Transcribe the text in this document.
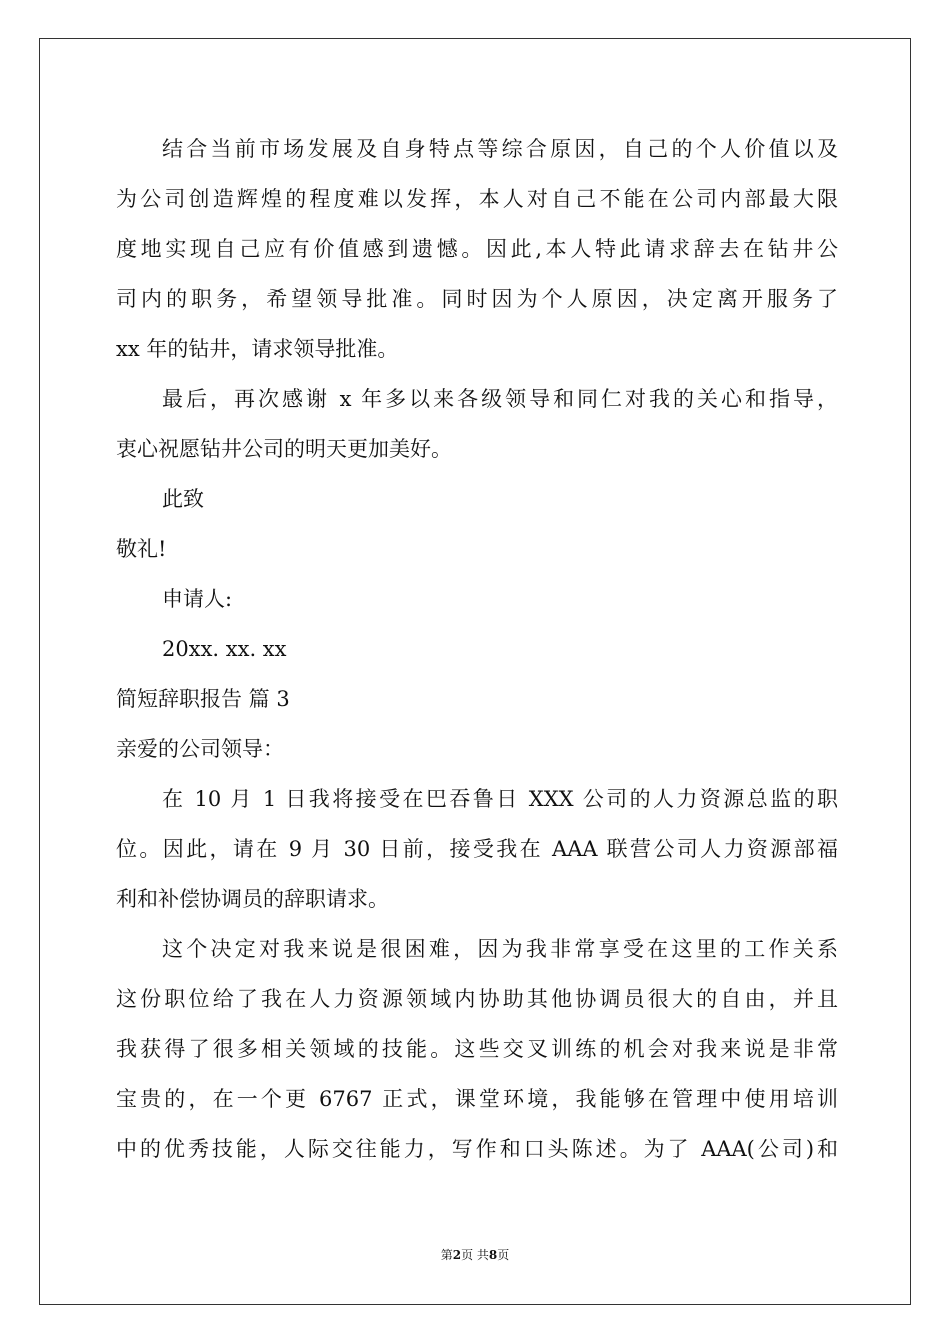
结合当前市场发展及自身特点等综合原因，自己的个人价值以及
为公司创造辉煌的程度难以发挥，本人对自己不能在公司内部最大限
度地实现自己应有价值感到遗憾。因此,本人特此请求辞去在钻井公
司内的职务，希望领导批准。同时因为个人原因，决定离开服务了
xx 年的钻井，请求领导批准。
最后，再次感谢 x 年多以来各级领导和同仁对我的关心和指导，
衷心祝愿钻井公司的明天更加美好。
此致
敬礼!
申请人:
20xx. xx. xx
简短辞职报告 篇 3
亲爱的公司领导：
在 10 月 1 日我将接受在巴吞鲁日 XXX 公司的人力资源总监的职
位。因此，请在 9 月 30 日前，接受我在 AAA 联营公司人力资源部福
利和补偿协调员的辞职请求。
这个决定对我来说是很困难，因为我非常享受在这里的工作关系
这份职位给了我在人力资源领域内协助其他协调员很大的自由，并且
我获得了很多相关领域的技能。这些交叉训练的机会对我来说是非常
宝贵的，在一个更 6767 正式，课堂环境，我能够在管理中使用培训
中的优秀技能，人际交往能力，写作和口头陈述。为了 AAA(公司)和
第2页 共8页
